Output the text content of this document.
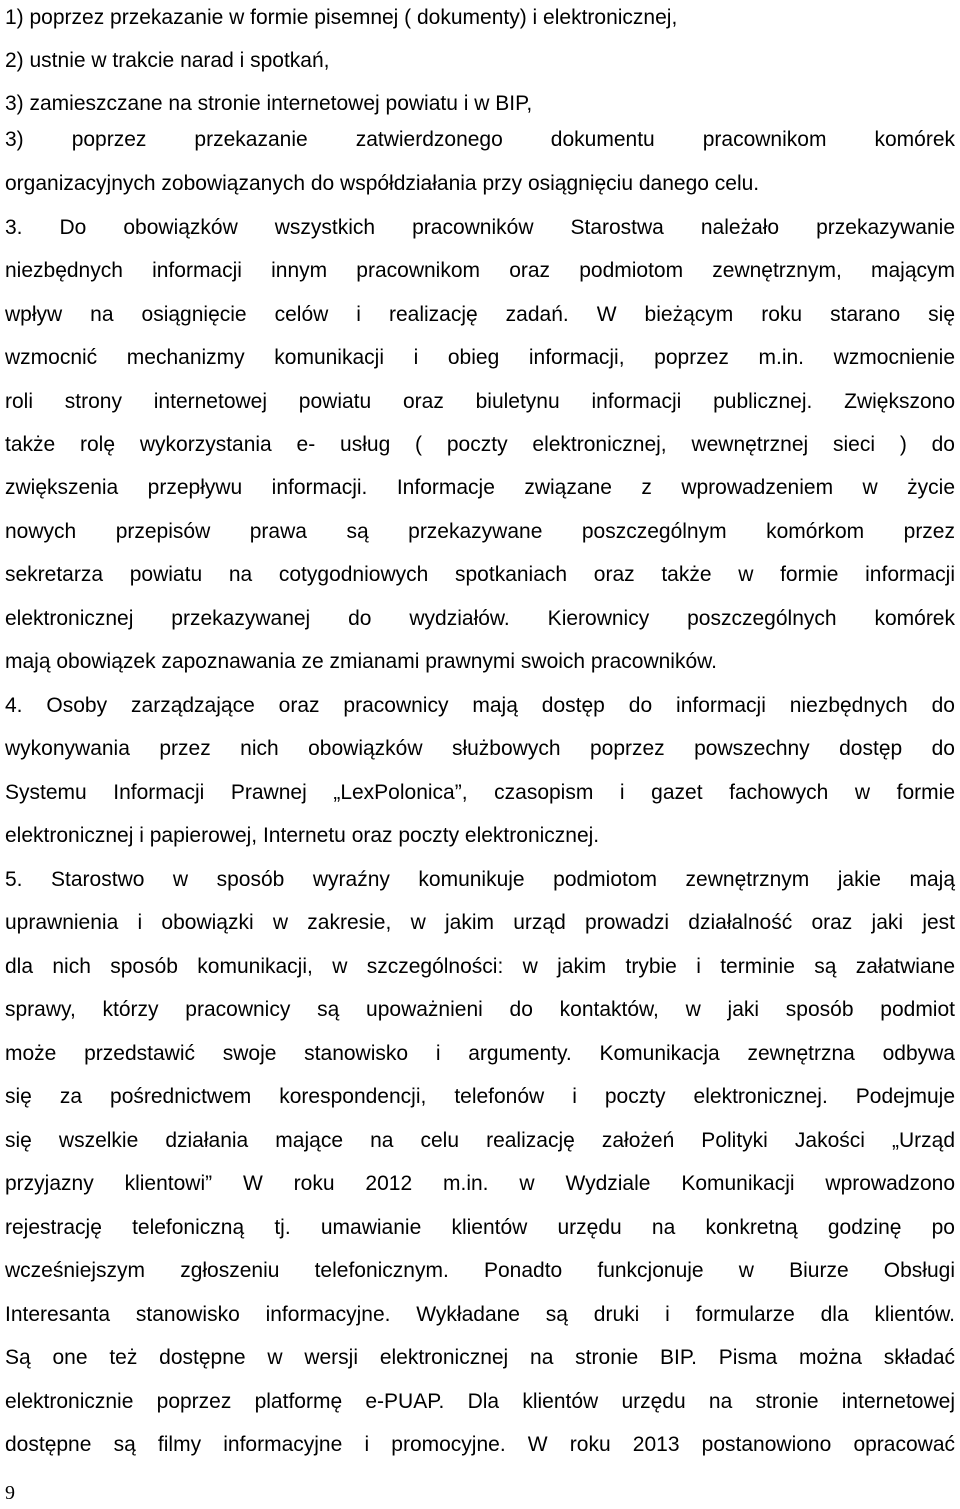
1) poprzez przekazanie w formie pisemnej ( dokumenty) i elektronicznej,
2) ustnie w trakcie narad i spotkań,
3) zamieszczane na stronie internetowej powiatu i w BIP,
3) poprzez przekazanie zatwierdzonego dokumentu pracownikom komórek
organizacyjnych zobowiązanych do współdziałania przy osiągnięciu danego celu.
3. Do obowiązków wszystkich pracowników Starostwa należało przekazywanie
niezbędnych informacji innym pracownikom oraz podmiotom zewnętrznym, mającym
wpływ na osiągnięcie celów i realizację zadań. W bieżącym roku starano się
wzmocnić mechanizmy komunikacji i obieg informacji, poprzez m.in. wzmocnienie
roli strony internetowej powiatu oraz biuletynu informacji publicznej. Zwiększono
także rolę wykorzystania e- usług ( poczty elektronicznej, wewnętrznej sieci ) do
zwiększenia przepływu informacji. Informacje związane z wprowadzeniem w życie
nowych przepisów prawa są przekazywane poszczególnym komórkom przez
sekretarza powiatu na cotygodniowych spotkaniach oraz także w formie informacji
elektronicznej przekazywanej do wydziałów. Kierownicy poszczególnych komórek
mają obowiązek zapoznawania ze zmianami prawnymi swoich pracowników.
4. Osoby zarządzające oraz pracownicy mają dostęp do informacji niezbędnych do
wykonywania przez nich obowiązków służbowych poprzez powszechny dostęp do
Systemu Informacji Prawnej „LexPolonica”, czasopism i gazet fachowych w formie
elektronicznej i papierowej, Internetu oraz poczty elektronicznej.
5. Starostwo w sposób wyraźny komunikuje podmiotom zewnętrznym jakie mają
uprawnienia i obowiązki w zakresie, w jakim urząd prowadzi działalność oraz jaki jest
dla nich sposób komunikacji, w szczególności: w jakim trybie i terminie są załatwiane
sprawy, którzy pracownicy są upoważnieni do kontaktów, w jaki sposób podmiot
może przedstawić swoje stanowisko i argumenty. Komunikacja zewnętrzna odbywa
się za pośrednictwem korespondencji, telefonów i poczty elektronicznej. Podejmuje
się wszelkie działania mające na celu realizację założeń Polityki Jakości „Urząd
przyjazny klientowi” W roku 2012 m.in. w Wydziale Komunikacji wprowadzono
rejestrację telefoniczną tj. umawianie klientów urzędu na konkretną godzinę po
wcześniejszym zgłoszeniu telefonicznym. Ponadto funkcjonuje w Biurze Obsługi
Interesanta stanowisko informacyjne. Wykładane są druki i formularze dla klientów.
Są one też dostępne w wersji elektronicznej na stronie BIP. Pisma można składać
elektronicznie poprzez platformę e-PUAP. Dla klientów urzędu na stronie internetowej
dostępne są filmy informacyjne i promocyjne. W roku 2013 postanowiono opracować
9
